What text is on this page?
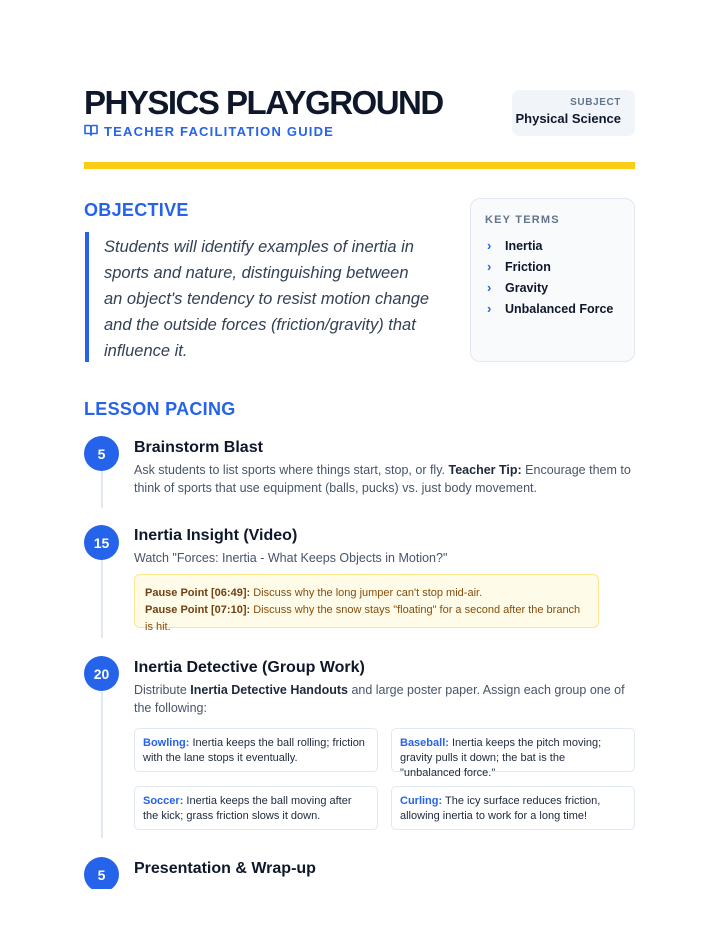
PHYSICS PLAYGROUND
TEACHER FACILITATION GUIDE
SUBJECT
Physical Science
OBJECTIVE
Students will identify examples of inertia in sports and nature, distinguishing between an object's tendency to resist motion change and the outside forces (friction/gravity) that influence it.
KEY TERMS
›	Inertia
›	Friction
›	Gravity
›	Unbalanced Force
LESSON PACING
5	Brainstorm Blast
Ask students to list sports where things start, stop, or fly. Teacher Tip: Encourage them to think of sports that use equipment (balls, pucks) vs. just body movement.
15	Inertia Insight (Video)
Watch "Forces: Inertia - What Keeps Objects in Motion?"
Pause Point [06:49]: Discuss why the long jumper can't stop mid-air.
Pause Point [07:10]: Discuss why the snow stays "floating" for a second after the branch is hit.
20	Inertia Detective (Group Work)
Distribute Inertia Detective Handouts and large poster paper. Assign each group one of the following:
Bowling: Inertia keeps the ball rolling; friction with the lane stops it eventually.
Baseball: Inertia keeps the pitch moving; gravity pulls it down; the bat is the "unbalanced force."
Soccer: Inertia keeps the ball moving after the kick; grass friction slows it down.
Curling: The icy surface reduces friction, allowing inertia to work for a long time!
5	Presentation & Wrap-up
